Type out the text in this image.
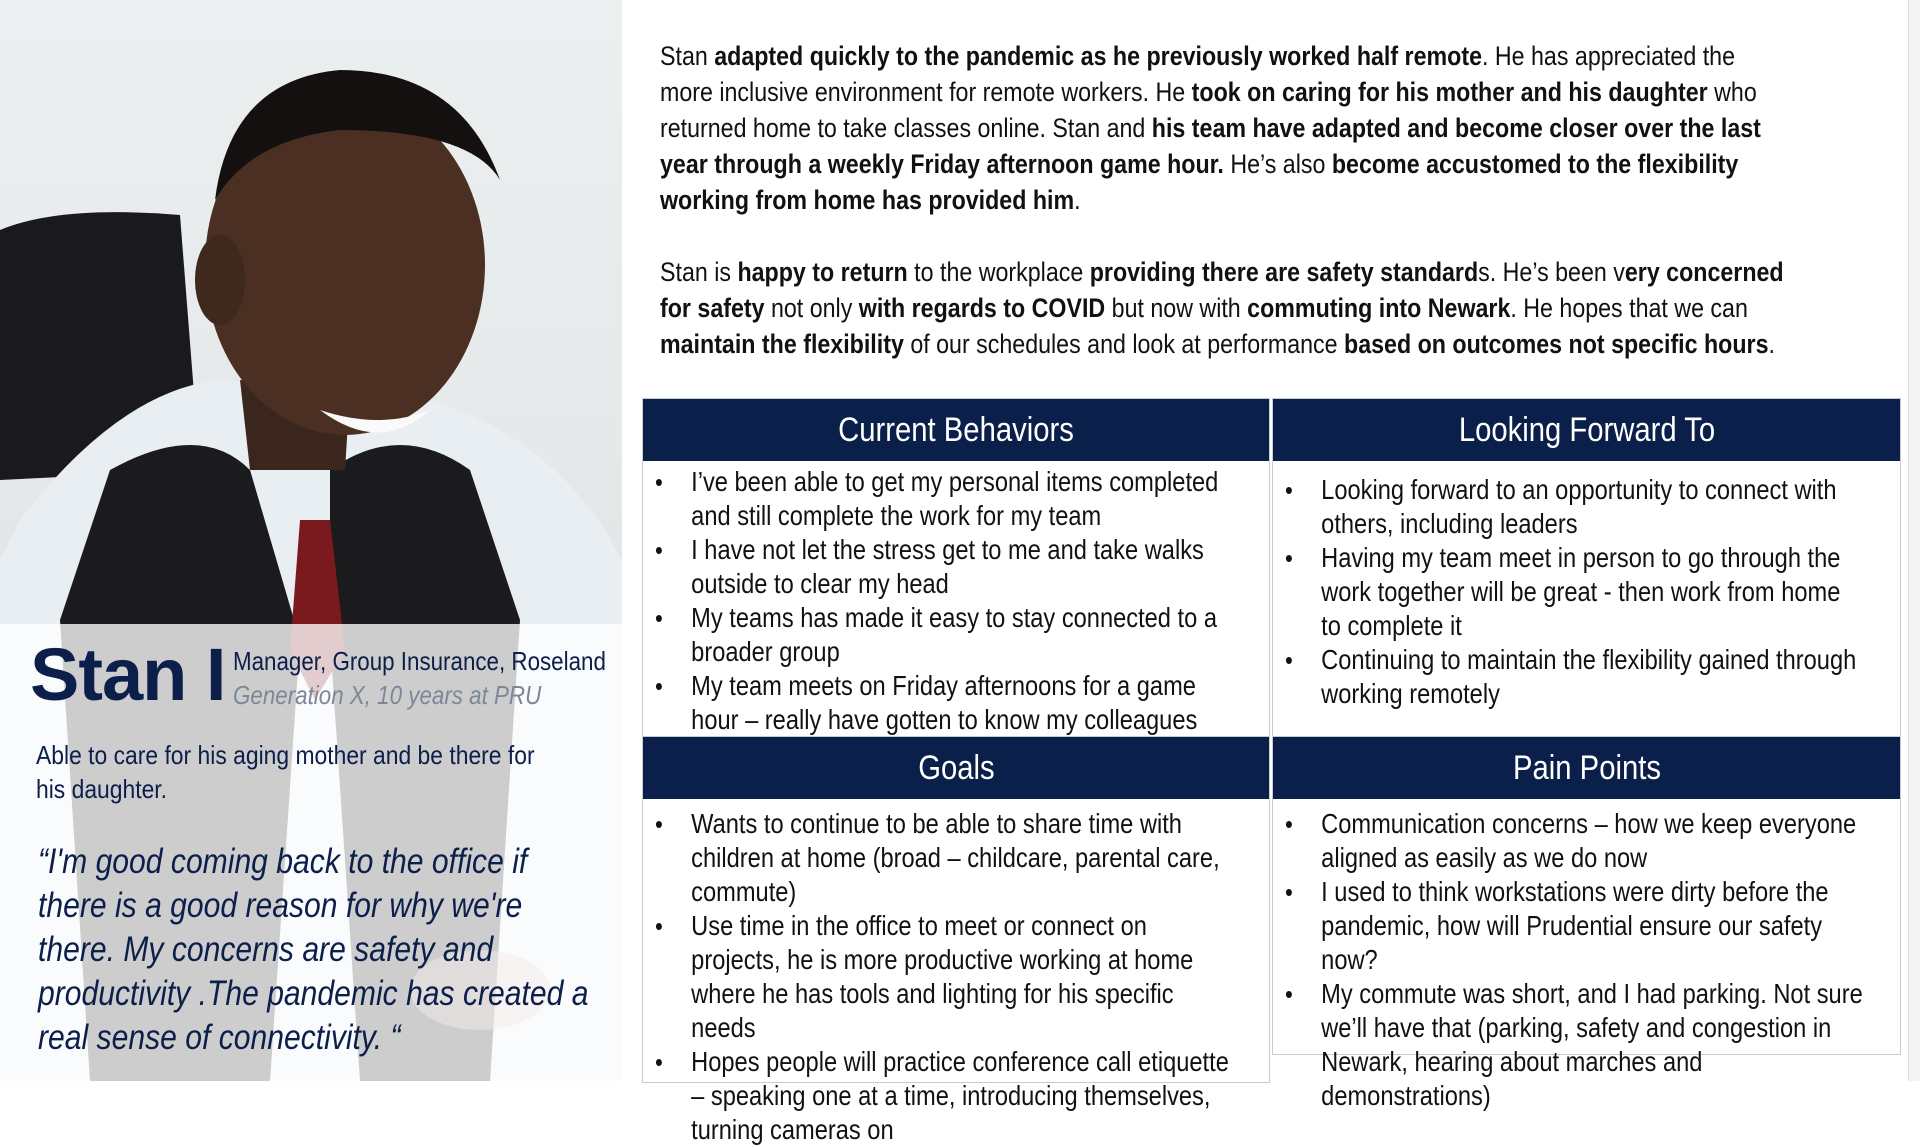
Stan I Manager, Group Insurance, Roseland
Generation X, 10 years at PRU
Able to care for his aging mother and be there for his daughter.
“I'm good coming back to the office if there is a good reason for why we're there. My concerns are safety and productivity .The pandemic has created a real sense of connectivity. “

Stan adapted quickly to the pandemic as he previously worked half remote. He has appreciated the more inclusive environment for remote workers. He took on caring for his mother and his daughter who returned home to take classes online. Stan and his team have adapted and become closer over the last year through a weekly Friday afternoon game hour. He’s also become accustomed to the flexibility working from home has provided him.

Stan is happy to return to the workplace providing there are safety standards. He’s been very concerned for safety not only with regards to COVID but now with commuting into Newark. He hopes that we can maintain the flexibility of our schedules and look at performance based on outcomes not specific hours.

Current Behaviors
• I’ve been able to get my personal items completed and still complete the work for my team
• I have not let the stress get to me and take walks outside to clear my head
• My teams has made it easy to stay connected to a broader group
• My team meets on Friday afternoons for a game hour – really have gotten to know my colleagues
Looking Forward To
• Looking forward to an opportunity to connect with others, including leaders
• Having my team meet in person to go through the work together will be great - then work from home to complete it
• Continuing to maintain the flexibility gained through working remotely
Goals
• Wants to continue to be able to share time with children at home (broad – childcare, parental care, commute)
• Use time in the office to meet or connect on projects, he is more productive working at home where he has tools and lighting for his specific needs
• Hopes people will practice conference call etiquette – speaking one at a time, introducing themselves, turning cameras on
Pain Points
• Communication concerns – how we keep everyone aligned as easily as we do now
• I used to think workstations were dirty before the pandemic, how will Prudential ensure our safety now?
• My commute was short, and I had parking. Not sure we’ll have that (parking, safety and congestion in Newark, hearing about marches and demonstrations)
